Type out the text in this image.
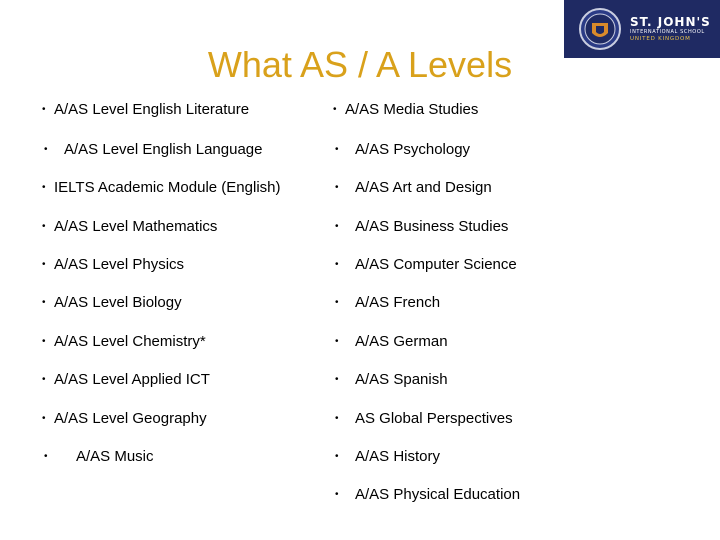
ST. JOHN'S
INTERNATIONAL SCHOOL
UNITED KINGDOM
What AS / A Levels
• A/AS Level English Literature
•	A/AS Level English Language
• IELTS Academic Module (English)
• A/AS Level Mathematics
• A/AS Level Physics
• A/AS Level Biology
• A/AS Level Chemistry*
• A/AS Level Applied ICT
• A/AS Level Geography
•	A/AS Music
• A/AS Media Studies
•	A/AS Psychology
•	A/AS Art and Design
•	A/AS Business Studies
•	A/AS Computer Science
•	A/AS French
•	A/AS German
•	A/AS Spanish
•	AS Global Perspectives
•	A/AS History
•	A/AS Physical Education
